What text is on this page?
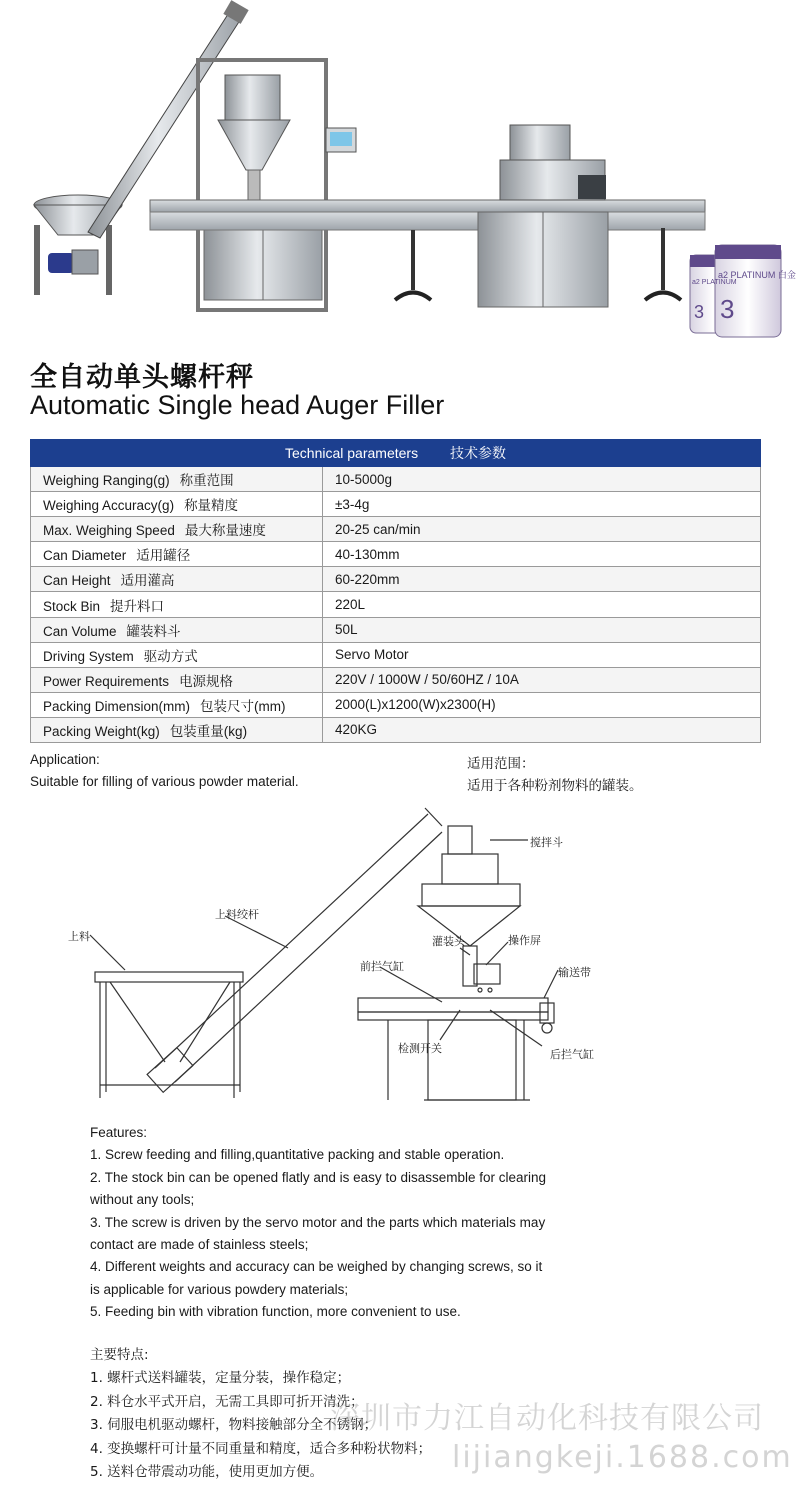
a2 PLATINUM 白金
a2 PLATINUM
3
3
全自动单头螺杆秤
Automatic Single head Auger Filler
Technical parameters 技术参数	
Weighing Ranging(g) 称重范围	10-5000g
Weighing Accuracy(g) 称量精度	±3-4g
Max. Weighing Speed 最大称量速度	20-25 can/min
Can Diameter 适用罐径	40-130mm
Can Height 适用灌高	60-220mm
Stock Bin 提升料口	220L
Can Volume 罐装料斗	50L
Driving System 驱动方式	Servo Motor
Power Requirements 电源规格	220V / 1000W / 50/60HZ / 10A
Packing Dimension(mm) 包装尺寸(mm)	2000(L)x1200(W)x2300(H)
Packing Weight(kg) 包装重量(kg)	420KG
Application:
Suitable for filling of various powder material.
适用范围：
适用于各种粉剂物料的罐装。
上料
上料绞杆
搅拌斗
灌装头	操作屏
前拦气缸	输送带
检测开关	后拦气缸
Features:
1. Screw feeding and filling,quantitative packing and stable operation.
2. The stock bin can be opened flatly and is easy to disassemble for clearing
without any tools;
3. The screw is driven by the servo motor and the parts which materials may
contact are made of stainless steels;
4. Different weights and accuracy can be weighed by changing screws, so it
is applicable for various powdery materials;
5. Feeding bin with vibration function, more convenient to use.
主要特点:
1. 螺杆式送料罐装，定量分装，操作稳定；
2. 料仓水平式开启，无需工具即可折开清洗；
3. 伺服电机驱动螺杆，物料接触部分全不锈钢；
4. 变换螺杆可计量不同重量和精度，适合多种粉状物料；
5. 送料仓带震动功能，使用更加方便。
深圳市力江自动化科技有限公司
lijiangkeji.1688.com
